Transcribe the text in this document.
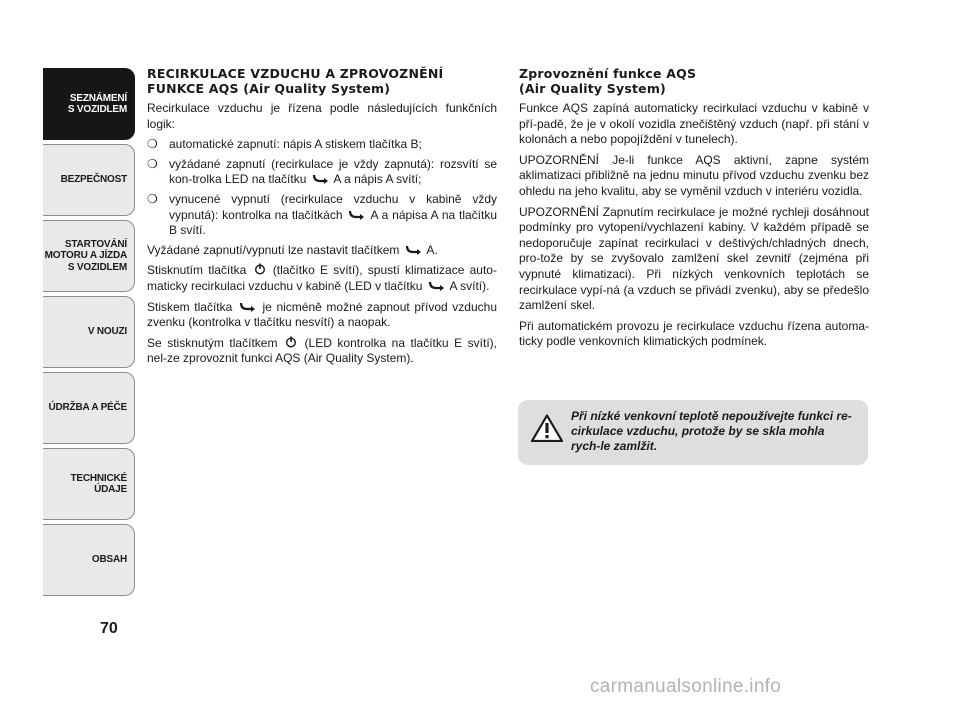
SEZNÁMENÍ
S VOZIDLEM
BEZPEČNOST
STARTOVÁNÍ
MOTORU A JÍZDA
S VOZIDLEM
V NOUZI
ÚDRŽBA A PÉČE
TECHNICKÉ
ÚDAJE
OBSAH
70
RECIRKULACE VZDUCHU A ZPROVOZNĚNÍ
FUNKCE AQS (Air Quality System)

Recirkulace vzduchu je řízena podle následujících funkčních logik:

❍ automatické zapnutí: nápis A stiskem tlačítka B;
❍ vyžádané zapnutí (recirkulace je vždy zapnutá): rozsvítí se kon-trolka LED na tlačítku A a nápis A svítí;
❍ vynucené vypnutí (recirkulace vzduchu v kabině vždy vypnutá): kontrolka na tlačítkách A a nápisa A na tlačítku B svítí.

Vyžádané zapnutí/vypnutí lze nastavit tlačítkem A.

Stisknutím tlačítka (tlačítko E svítí), spustí klimatizace auto-maticky recirkulaci vzduchu v kabině (LED v tlačítku A svítí).

Stiskem tlačítka	je nicméně možné zapnout přívod vzduchu zvenku (kontrolka v tlačítku nesvítí) a naopak.

Se stisknutým tlačítkem (LED kontrolka na tlačítku E svítí), nel-ze zprovoznit funkci AQS (Air Quality System).

Zprovoznění funkce AQS
(Air Quality System)

Funkce AQS zapíná automaticky recirkulaci vzduchu v kabině v pří-padě, že je v okolí vozidla znečištěný vzduch (např. při stání v kolonách a nebo popojíždění v tunelech).

UPOZORNĚNÍ Je-li funkce AQS aktivní, zapne systém aklimatizaci přibližně na jednu minutu přívod vzduchu zvenku bez ohledu na jeho kvalitu, aby se vyměnil vzduch v interiéru vozidla.

UPOZORNĚNÍ Zapnutím recirkulace je možné rychleji dosáhnout podmínky pro vytopení/vychlazení kabiny. V každém případě se nedoporučuje zapínat recirkulaci v deštivých/chladných dnech, pro-tože by se zvyšovalo zamlžení skel zevnitř (zejména při vypnuté klimatizaci). Při nízkých venkovních teplotách se recirkulace vypí-ná (a vzduch se přivádí zvenku), aby se předešlo zamlžení skel.

Při automatickém provozu je recirkulace vzduchu řízena automa-ticky podle venkovních klimatických podmínek.

Při nízké venkovní teplotě nepoužívejte funkci re-cirkulace vzduchu, protože by se skla mohla rych-le zamlžit.
carmanualsonline.info
